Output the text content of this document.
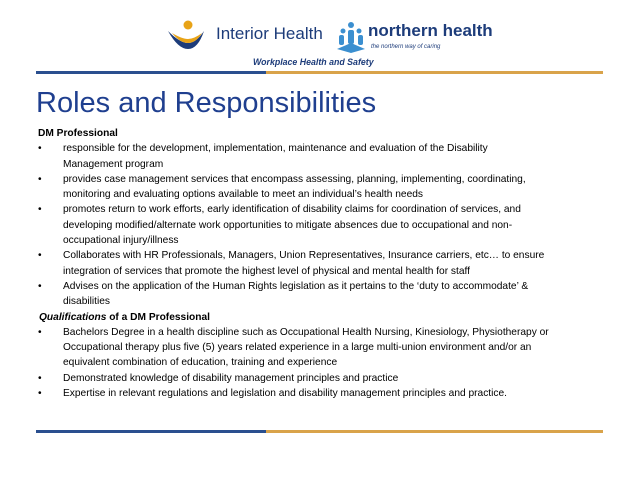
Interior Health	northern health
the northern way of caring
Workplace Health and Safety
Roles and Responsibilities
DM Professional
• responsible for the development, implementation, maintenance and evaluation of the Disability
Management program
• provides case management services that encompass assessing, planning, implementing, coordinating,
monitoring and evaluating options available to meet an individual’s health needs
• promotes return to work efforts, early identification of disability claims for coordination of services, and
developing modified/alternate work opportunities to mitigate absences due to occupational and non-
occupational injury/illness
• Collaborates with HR Professionals, Managers, Union Representatives, Insurance carriers, etc… to ensure
integration of services that promote the highest level of physical and mental health for staff
• Advises on the application of the Human Rights legislation as it pertains to the ‘duty to accommodate’ &
disabilities
Qualifications of a DM Professional
• Bachelors Degree in a health discipline such as Occupational Health Nursing, Kinesiology, Physiotherapy or
Occupational therapy plus five (5) years related experience in a large multi-union environment and/or an
equivalent combination of education, training and experience
• Demonstrated knowledge of disability management principles and practice
• Expertise in relevant regulations and legislation and disability management principles and practice.
